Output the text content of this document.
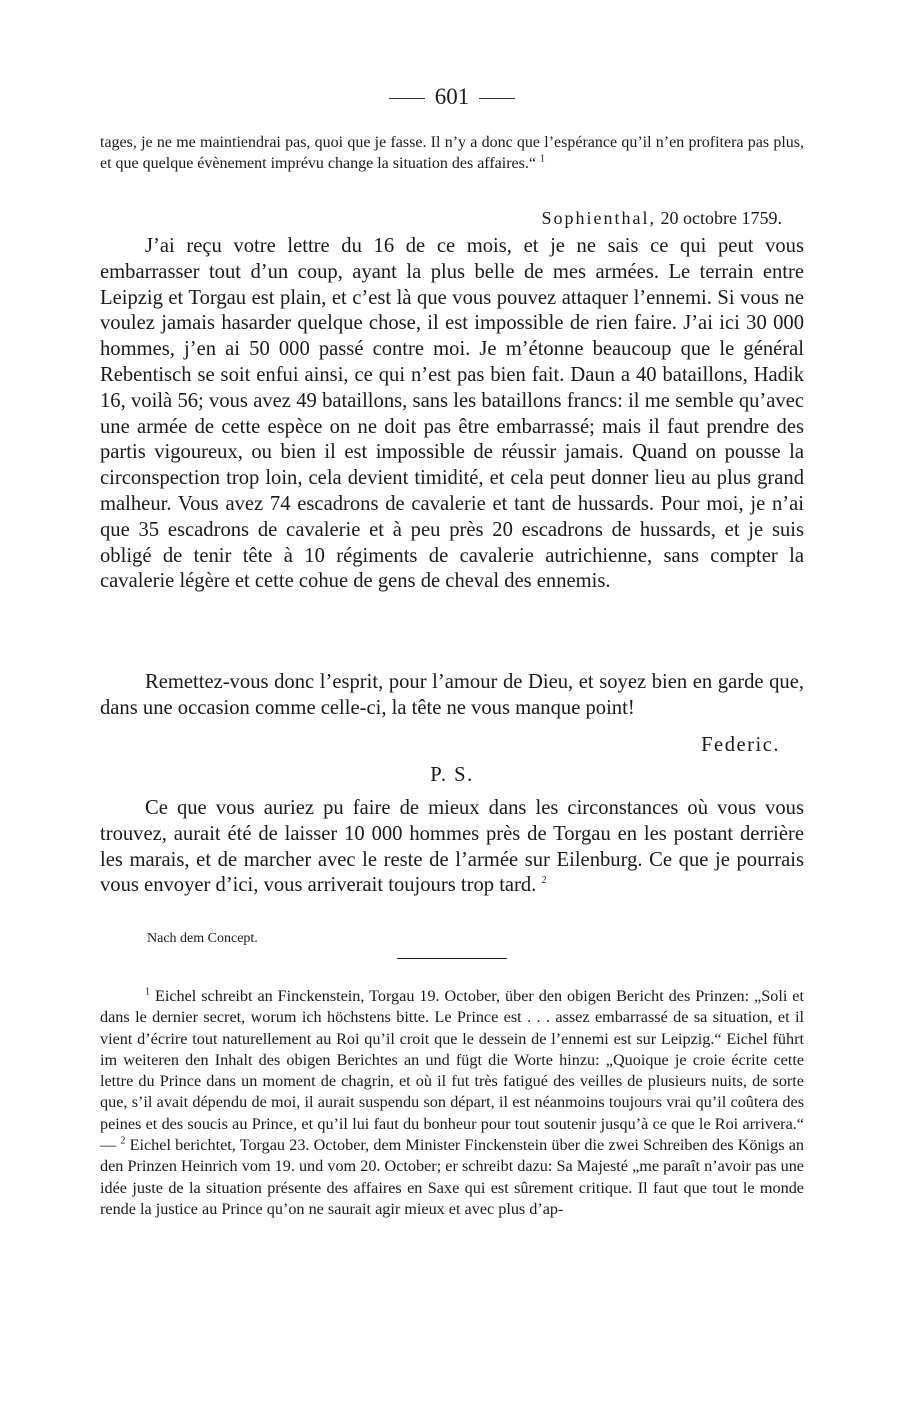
601

tages, je ne me maintiendrai pas, quoi que je fasse. Il n’y a donc que l’espérance qu’il n’en profitera pas plus, et que quelque évènement imprévu change la situation des affaires.“ $^1$

Sophienthal, 20 octobre 1759.

J’ai reçu votre lettre du 16 de ce mois, et je ne sais ce qui peut vous embarrasser tout d’un coup, ayant la plus belle de mes armées. Le terrain entre Leipzig et Torgau est plain, et c’est là que vous pouvez attaquer l’ennemi. Si vous ne voulez jamais hasarder quelque chose, il est impossible de rien faire. J’ai ici 30 000 hommes, j’en ai 50 000 passé contre moi. Je m’étonne beaucoup que le général Rebentisch se soit enfui ainsi, ce qui n’est pas bien fait. Daun a 40 bataillons, Hadik 16, voilà 56; vous avez 49 bataillons, sans les bataillons francs: il me semble qu’avec une armée de cette espèce on ne doit pas être embarrassé; mais il faut prendre des partis vigoureux, ou bien il est impossible de réussir jamais. Quand on pousse la circonspection trop loin, cela devient timidité, et cela peut donner lieu au plus grand malheur. Vous avez 74 escadrons de cavalerie et tant de hussards. Pour moi, je n’ai que 35 escadrons de cavalerie et à peu près 20 escadrons de hussards, et je suis obligé de tenir tête à 10 régiments de cavalerie autrichienne, sans compter la cavalerie légère et cette cohue de gens de cheval des ennemis.

Remettez-vous donc l’esprit, pour l’amour de Dieu, et soyez bien en garde que, dans une occasion comme celle-ci, la tête ne vous manque point!

Federic.
P. S.

Ce que vous auriez pu faire de mieux dans les circonstances où vous vous trouvez, aurait été de laisser 10 000 hommes près de Torgau en les postant derrière les marais, et de marcher avec le reste de l’armée sur Eilenburg. Ce que je pourrais vous envoyer d’ici, vous arriverait toujours trop tard. $^2$

Nach dem Concept.

$^1$ Eichel schreibt an Finckenstein, Torgau 19. October, über den obigen Bericht des Prinzen: „Soli et dans le dernier secret, worum ich höchstens bitte. Le Prince est . . . assez embarrassé de sa situation, et il vient d’écrire tout naturellement au Roi qu’il croit que le dessein de l’ennemi est sur Leipzig.“ Eichel führt im weiteren den Inhalt des obigen Berichtes an und fügt die Worte hinzu: „Quoique je croie écrite cette lettre du Prince dans un moment de chagrin, et où il fut très fatigué des veilles de plusieurs nuits, de sorte que, s’il avait dépendu de moi, il aurait suspendu son départ, il est néanmoins toujours vrai qu’il coûtera des peines et des soucis au Prince, et qu’il lui faut du bonheur pour tout soutenir jusqu’à ce que le Roi arrivera.“ — $^2$ Eichel berichtet, Torgau 23. October, dem Minister Finckenstein über die zwei Schreiben des Königs an den Prinzen Heinrich vom 19. und vom 20. October; er schreibt dazu: Sa Majesté „me paraît n’avoir pas une idée juste de la situation présente des affaires en Saxe qui est sûrement critique. Il faut que tout le monde rende la justice au Prince qu’on ne saurait agir mieux et avec plus d’ap-
